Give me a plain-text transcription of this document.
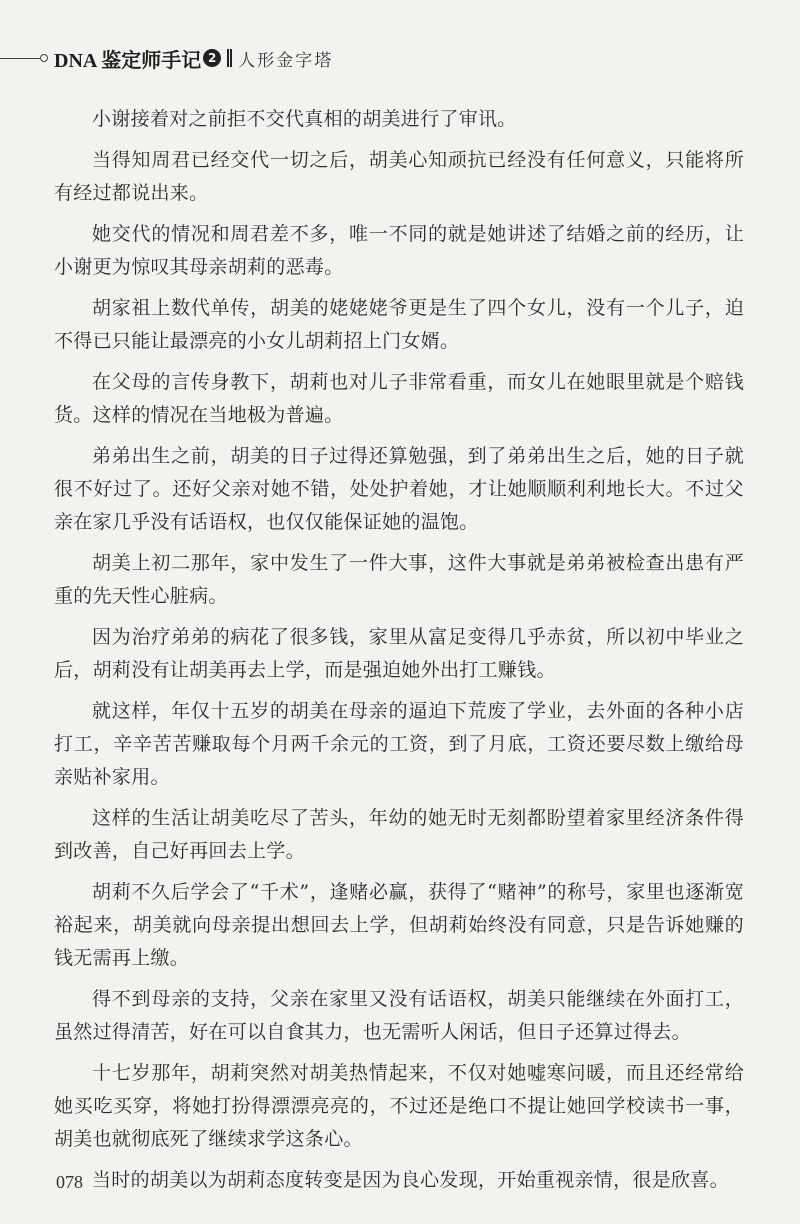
DNA 鉴定师手记 2 人形金字塔

小谢接着对之前拒不交代真相的胡美进行了审讯。

当得知周君已经交代一切之后，胡美心知顽抗已经没有任何意义，只能将所有经过都说出来。

她交代的情况和周君差不多，唯一不同的就是她讲述了结婚之前的经历，让小谢更为惊叹其母亲胡莉的恶毒。

胡家祖上数代单传，胡美的姥姥姥爷更是生了四个女儿，没有一个儿子，迫不得已只能让最漂亮的小女儿胡莉招上门女婿。

在父母的言传身教下，胡莉也对儿子非常看重，而女儿在她眼里就是个赔钱货。这样的情况在当地极为普遍。

弟弟出生之前，胡美的日子过得还算勉强，到了弟弟出生之后，她的日子就很不好过了。还好父亲对她不错，处处护着她，才让她顺顺利利地长大。不过父亲在家几乎没有话语权，也仅仅能保证她的温饱。

胡美上初二那年，家中发生了一件大事，这件大事就是弟弟被检查出患有严重的先天性心脏病。

因为治疗弟弟的病花了很多钱，家里从富足变得几乎赤贫，所以初中毕业之后，胡莉没有让胡美再去上学，而是强迫她外出打工赚钱。

就这样，年仅十五岁的胡美在母亲的逼迫下荒废了学业，去外面的各种小店打工，辛辛苦苦赚取每个月两千余元的工资，到了月底，工资还要尽数上缴给母亲贴补家用。

这样的生活让胡美吃尽了苦头，年幼的她无时无刻都盼望着家里经济条件得到改善，自己好再回去上学。

胡莉不久后学会了“千术”，逢赌必赢，获得了“赌神”的称号，家里也逐渐宽裕起来，胡美就向母亲提出想回去上学，但胡莉始终没有同意，只是告诉她赚的钱无需再上缴。

得不到母亲的支持，父亲在家里又没有话语权，胡美只能继续在外面打工，虽然过得清苦，好在可以自食其力，也无需听人闲话，但日子还算过得去。

十七岁那年，胡莉突然对胡美热情起来，不仅对她嘘寒问暖，而且还经常给她买吃买穿，将她打扮得漂漂亮亮的，不过还是绝口不提让她回学校读书一事，胡美也就彻底死了继续求学这条心。

当时的胡美以为胡莉态度转变是因为良心发现，开始重视亲情，很是欣喜。

078
